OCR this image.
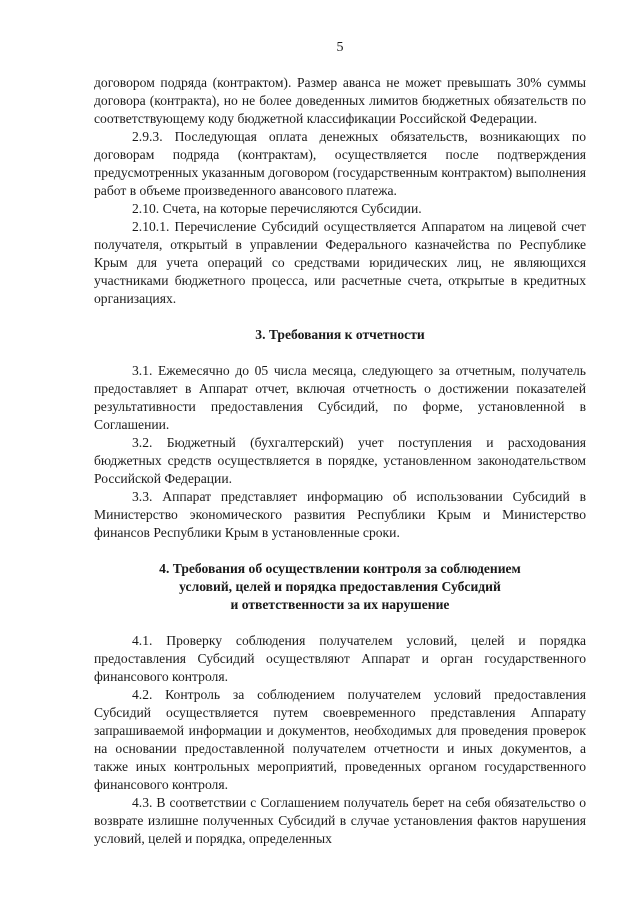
5

договором подряда (контрактом). Размер аванса не может превышать 30% суммы договора (контракта), но не более доведенных лимитов бюджетных обязательств по соответствующему коду бюджетной классификации Российской Федерации.

2.9.3. Последующая оплата денежных обязательств, возникающих по договорам подряда (контрактам), осуществляется после подтверждения предусмотренных указанным договором (государственным контрактом) выполнения работ в объеме произведенного авансового платежа.

2.10. Счета, на которые перечисляются Субсидии.

2.10.1. Перечисление Субсидий осуществляется Аппаратом на лицевой счет получателя, открытый в управлении Федерального казначейства по Республике Крым для учета операций со средствами юридических лиц, не являющихся участниками бюджетного процесса, или расчетные счета, открытые в кредитных организациях.

3. Требования к отчетности

3.1. Ежемесячно до 05 числа месяца, следующего за отчетным, получатель предоставляет в Аппарат отчет, включая отчетность о достижении показателей результативности предоставления Субсидий, по форме, установленной в Соглашении.

3.2. Бюджетный (бухгалтерский) учет поступления и расходования бюджетных средств осуществляется в порядке, установленном законодательством Российской Федерации.

3.3. Аппарат представляет информацию об использовании Субсидий в Министерство экономического развития Республики Крым и Министерство финансов Республики Крым в установленные сроки.

4. Требования об осуществлении контроля за соблюдением
условий, целей и порядка предоставления Субсидий
и ответственности за их нарушение

4.1. Проверку соблюдения получателем условий, целей и порядка предоставления Субсидий осуществляют Аппарат и орган государственного финансового контроля.

4.2. Контроль за соблюдением получателем условий предоставления Субсидий осуществляется путем своевременного представления Аппарату запрашиваемой информации и документов, необходимых для проведения проверок на основании предоставленной получателем отчетности и иных документов, а также иных контрольных мероприятий, проведенных органом государственного финансового контроля.

4.3. В соответствии с Соглашением получатель берет на себя обязательство о возврате излишне полученных Субсидий в случае установления фактов нарушения условий, целей и порядка, определенных
